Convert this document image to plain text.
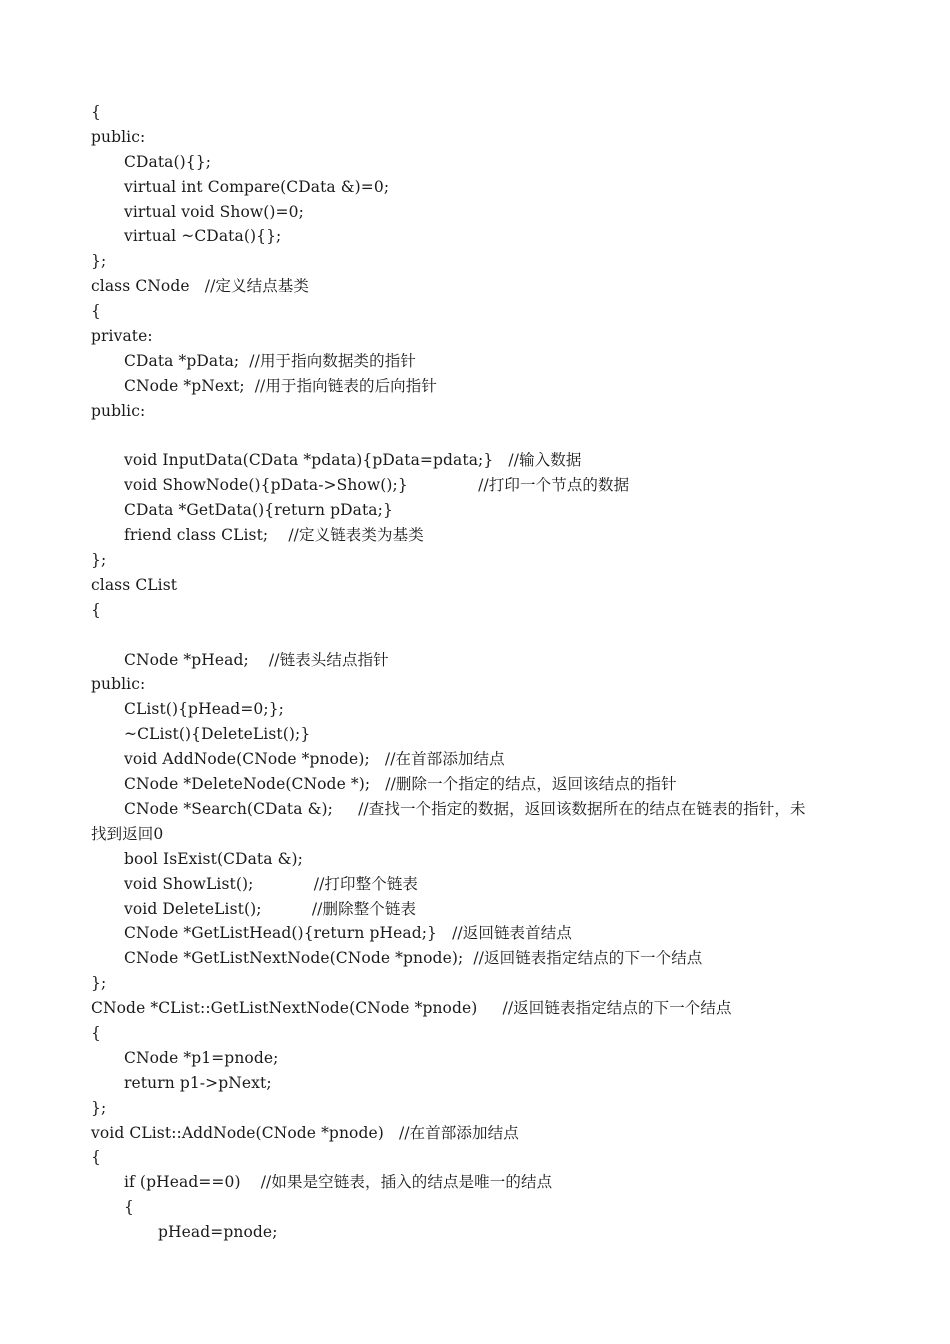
{
public:
CData(){};
virtual int Compare(CData &)=0;
virtual void Show()=0;
virtual ~CData(){};
};
class CNode   //定义结点基类
{
private:
CData *pData;  //用于指向数据类的指针
CNode *pNext;  //用于指向链表的后向指针
public:
void InputData(CData *pdata){pData=pdata;}   //输入数据
void ShowNode(){pData->Show();}              //打印一个节点的数据
CData *GetData(){return pData;}
friend class CList;    //定义链表类为基类
};
class CList
{
CNode *pHead;    //链表头结点指针
public:
CList(){pHead=0;};
~CList(){DeleteList();}
void AddNode(CNode *pnode);   //在首部添加结点
CNode *DeleteNode(CNode *);   //删除一个指定的结点，返回该结点的指针
CNode *Search(CData &);     //查找一个指定的数据，返回该数据所在的结点在链表的指针，未
找到返回0
bool IsExist(CData &);
void ShowList();            //打印整个链表
void DeleteList();          //删除整个链表
CNode *GetListHead(){return pHead;}   //返回链表首结点
CNode *GetListNextNode(CNode *pnode);  //返回链表指定结点的下一个结点
};
CNode *CList::GetListNextNode(CNode *pnode)     //返回链表指定结点的下一个结点
{
CNode *p1=pnode;
return p1->pNext;
};
void CList::AddNode(CNode *pnode)   //在首部添加结点
{
if (pHead==0)    //如果是空链表，插入的结点是唯一的结点
{
pHead=pnode;
